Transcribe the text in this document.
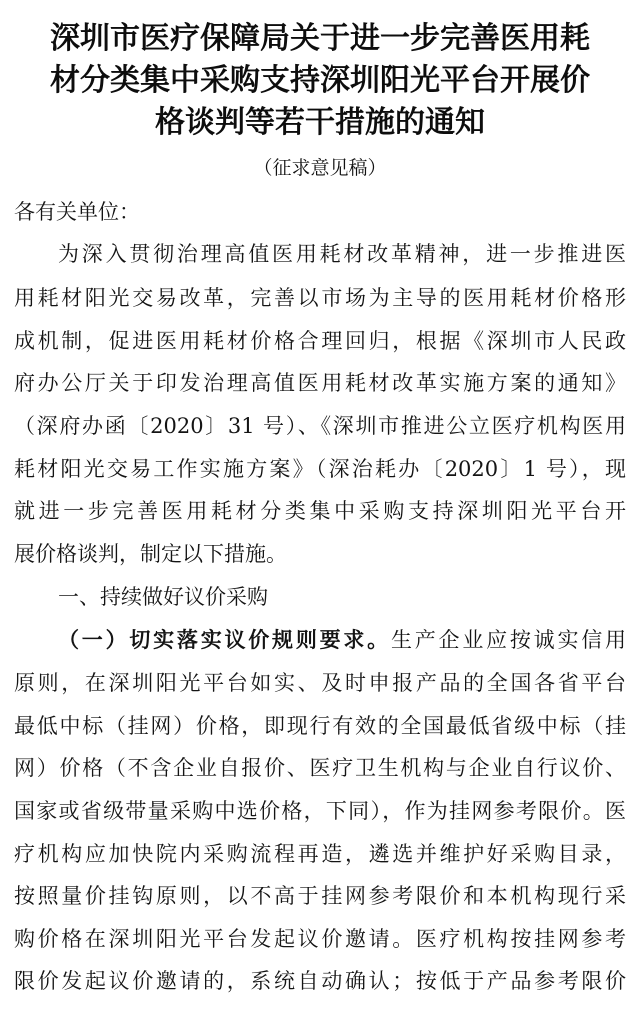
深圳市医疗保障局关于进一步完善医用耗
材分类集中采购支持深圳阳光平台开展价
格谈判等若干措施的通知
（征求意见稿）
各有关单位：
为深入贯彻治理高值医用耗材改革精神，进一步推进医
用耗材阳光交易改革，完善以市场为主导的医用耗材价格形
成机制，促进医用耗材价格合理回归，根据《深圳市人民政
府办公厅关于印发治理高值医用耗材改革实施方案的通知》
（深府办函〔2020〕31 号）、《深圳市推进公立医疗机构医用
耗材阳光交易工作实施方案》（深治耗办〔2020〕1 号），现
就进一步完善医用耗材分类集中采购支持深圳阳光平台开
展价格谈判，制定以下措施。
一、持续做好议价采购
（一）切实落实议价规则要求。生产企业应按诚实信用
原则，在深圳阳光平台如实、及时申报产品的全国各省平台
最低中标（挂网）价格，即现行有效的全国最低省级中标（挂
网）价格（不含企业自报价、医疗卫生机构与企业自行议价、
国家或省级带量采购中选价格，下同），作为挂网参考限价。医
疗机构应加快院内采购流程再造，遴选并维护好采购目录，
按照量价挂钩原则，以不高于挂网参考限价和本机构现行采
购价格在深圳阳光平台发起议价邀请。医疗机构按挂网参考
限价发起议价邀请的，系统自动确认；按低于产品参考限价
